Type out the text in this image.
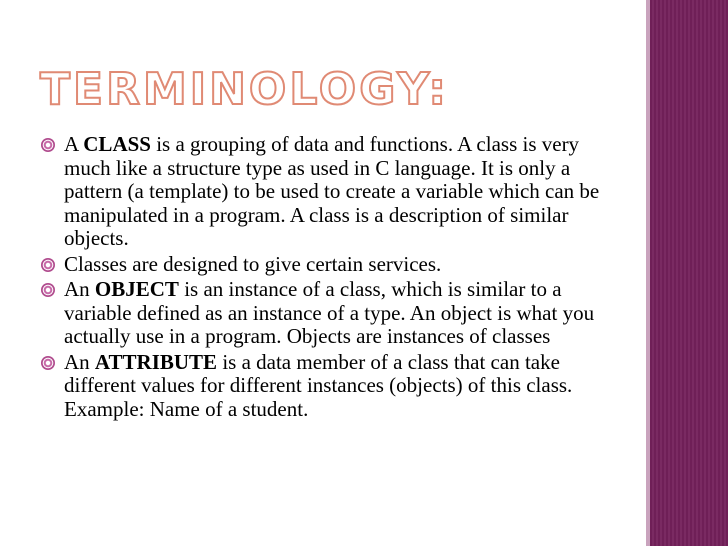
TERMINOLOGY:
A CLASS is a grouping of data and functions. A class is very much like a structure type as used in C language. It is only a pattern (a template) to be used to create a variable which can be manipulated in a program. A class is a description of similar objects.
Classes are designed to give certain services.
An OBJECT is an instance of a class, which is similar to a variable defined as an instance of a type. An object is what you actually use in a program. Objects are instances of classes
An ATTRIBUTE is a data member of a class that can take different values for different instances (objects) of this class. Example: Name of a student.
